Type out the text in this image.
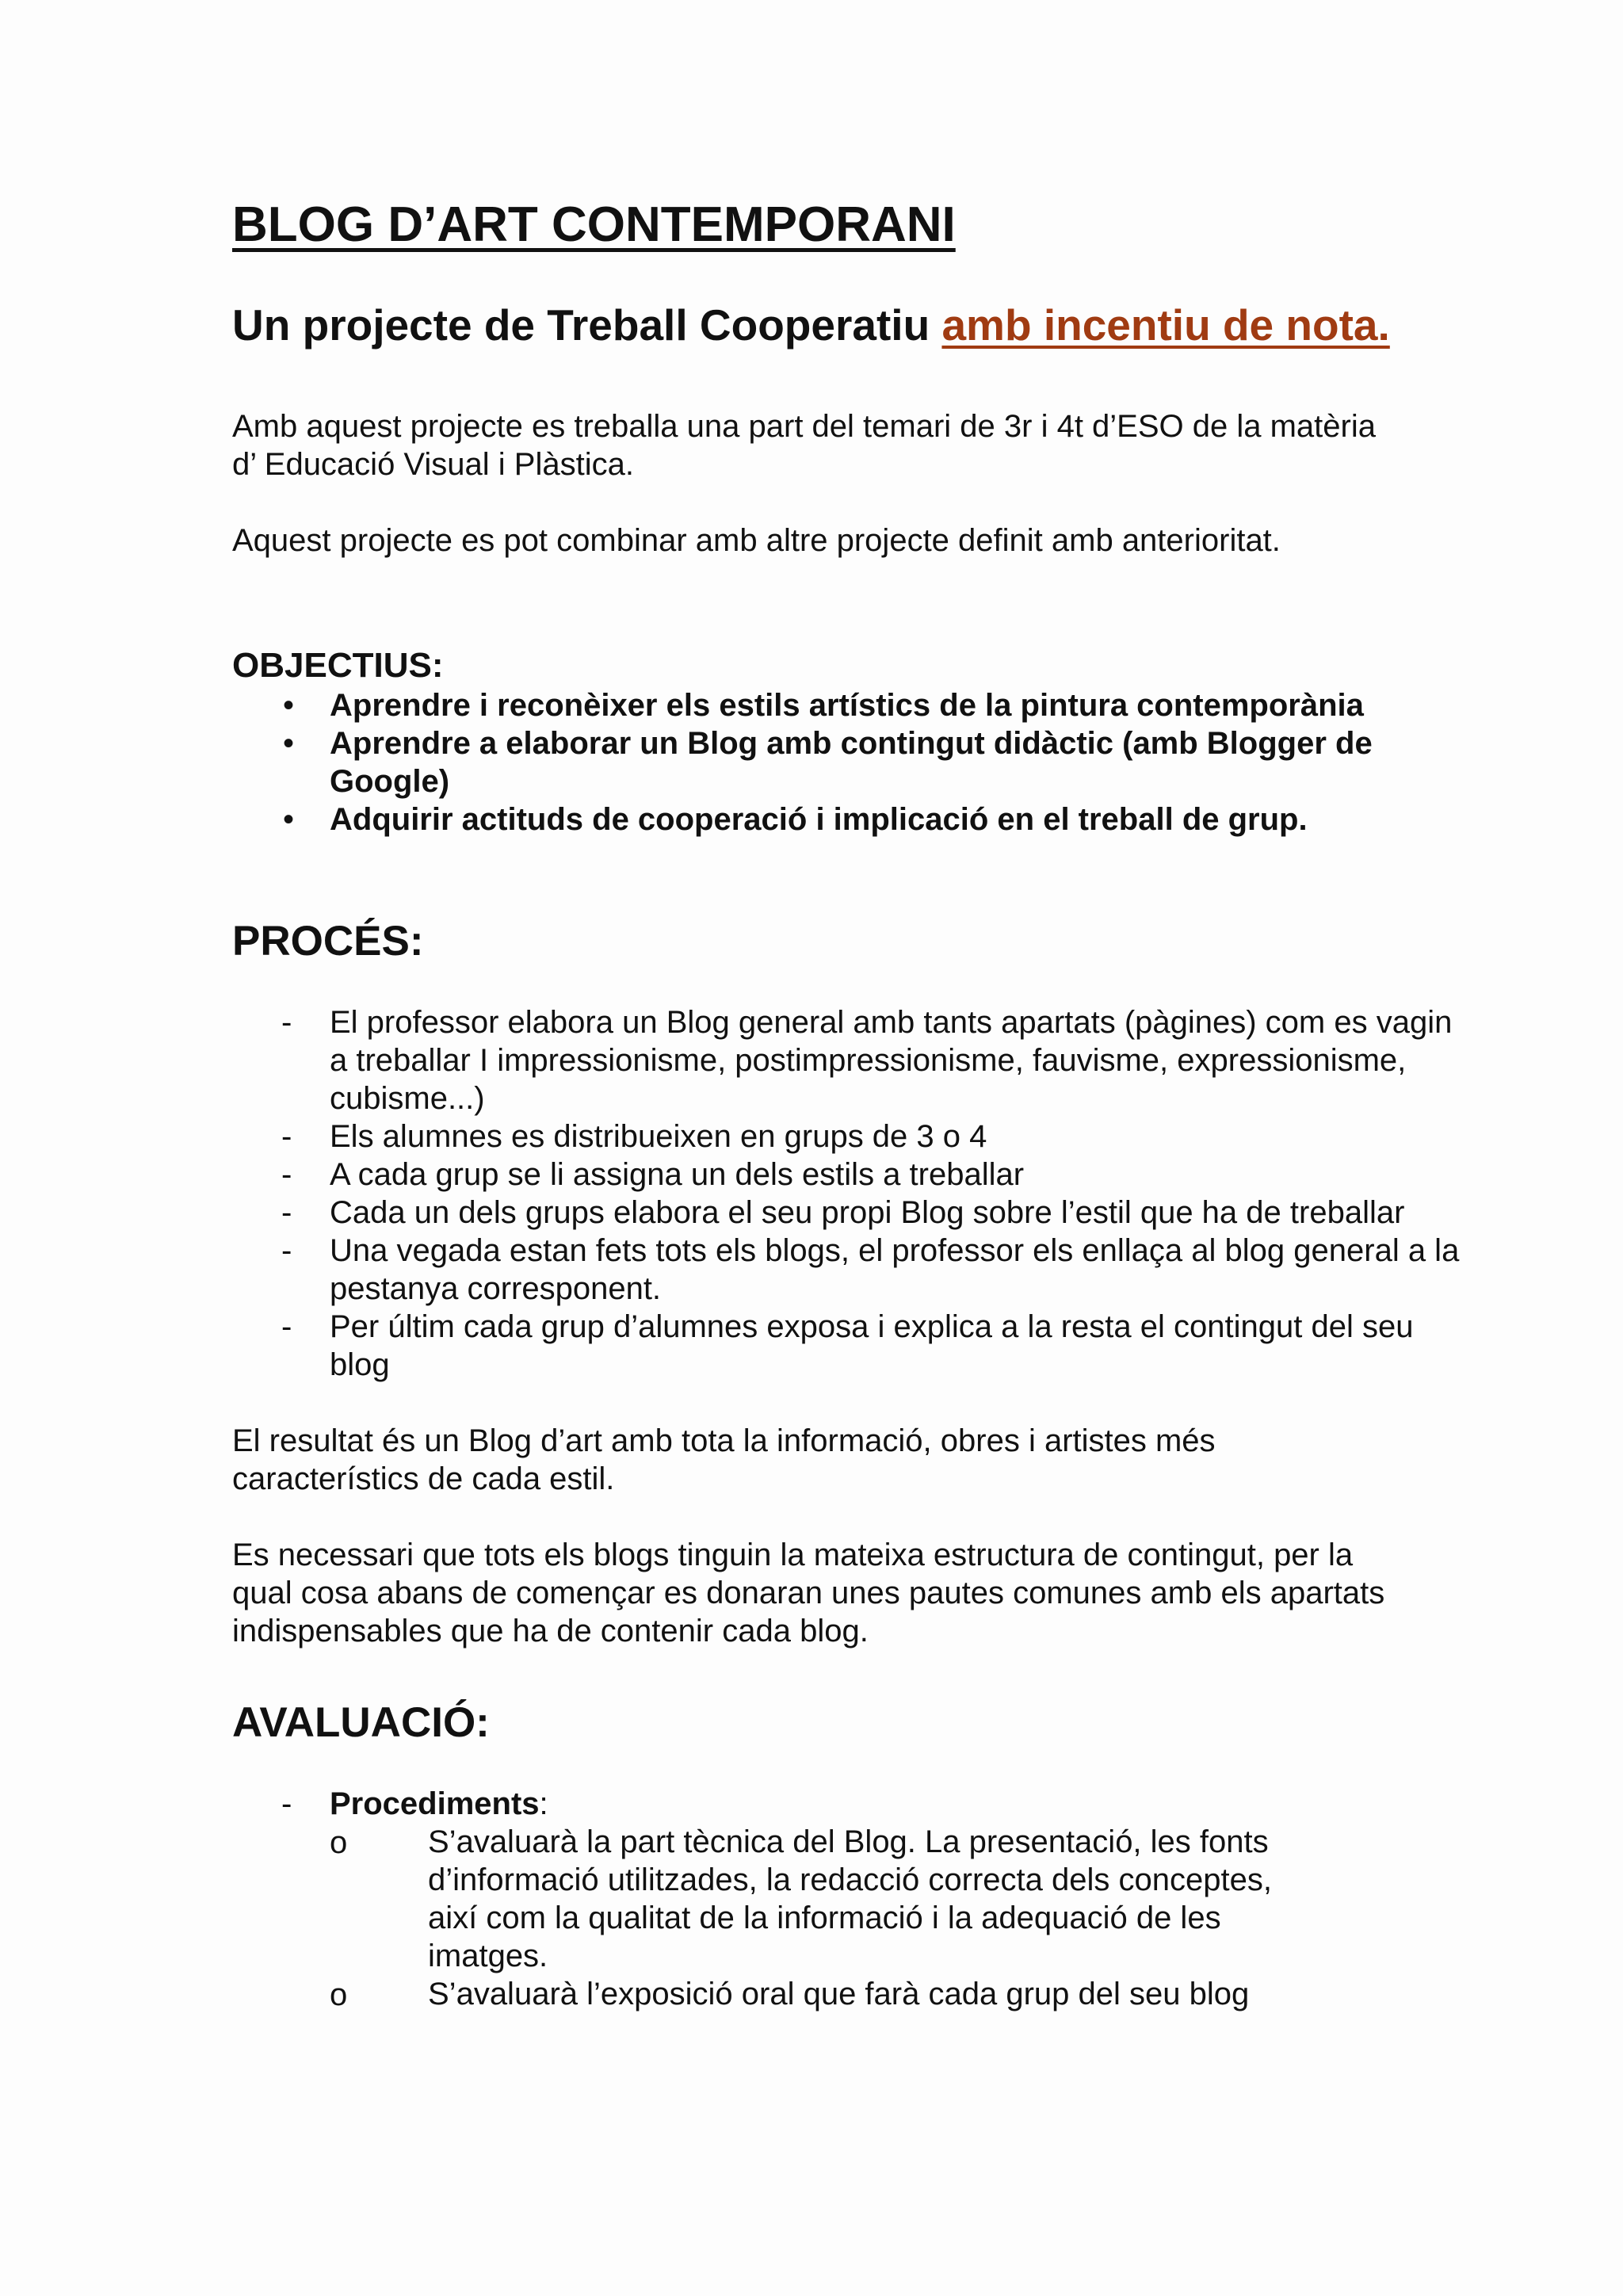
BLOG D’ART CONTEMPORANI
Un projecte de Treball Cooperatiu amb incentiu de nota.

Amb aquest projecte es treballa una part del temari de 3r i 4t d’ESO de la matèria d’ Educació Visual i Plàstica.

Aquest projecte es pot combinar amb altre projecte definit amb anterioritat.

OBJECTIUS:
• Aprendre i reconèixer els estils artístics de la pintura contemporània
• Aprendre a elaborar un Blog amb contingut didàctic (amb Blogger de Google)
• Adquirir actituds de cooperació i implicació en el treball de grup.
PROCÉS:
- El professor elabora un Blog general amb tants apartats (pàgines) com es vagin a treballar I impressionisme, postimpressionisme, fauvisme, expressionisme, cubisme...)
- Els alumnes es distribueixen en grups de 3 o 4
- A cada grup se li assigna un dels estils a treballar
- Cada un dels grups elabora el seu propi Blog sobre l’estil que ha de treballar
- Una vegada estan fets tots els blogs, el professor els enllaça al blog general a la pestanya corresponent.
- Per últim cada grup d’alumnes exposa i explica a la resta el contingut del seu blog

El resultat és un Blog d’art amb tota la informació, obres i artistes més característics de cada estil.

Es necessari que tots els blogs tinguin la mateixa estructura de contingut, per la qual cosa abans de començar es donaran unes pautes comunes amb els apartats indispensables que ha de contenir cada blog.

AVALUACIÓ:
- Procediments:
o	S’avaluarà la part tècnica del Blog. La presentació, les fonts d’informació utilitzades, la redacció correcta dels conceptes, així com la qualitat de la informació i la adequació de les imatges.
o	S’avaluarà l’exposició oral que farà cada grup del seu blog
